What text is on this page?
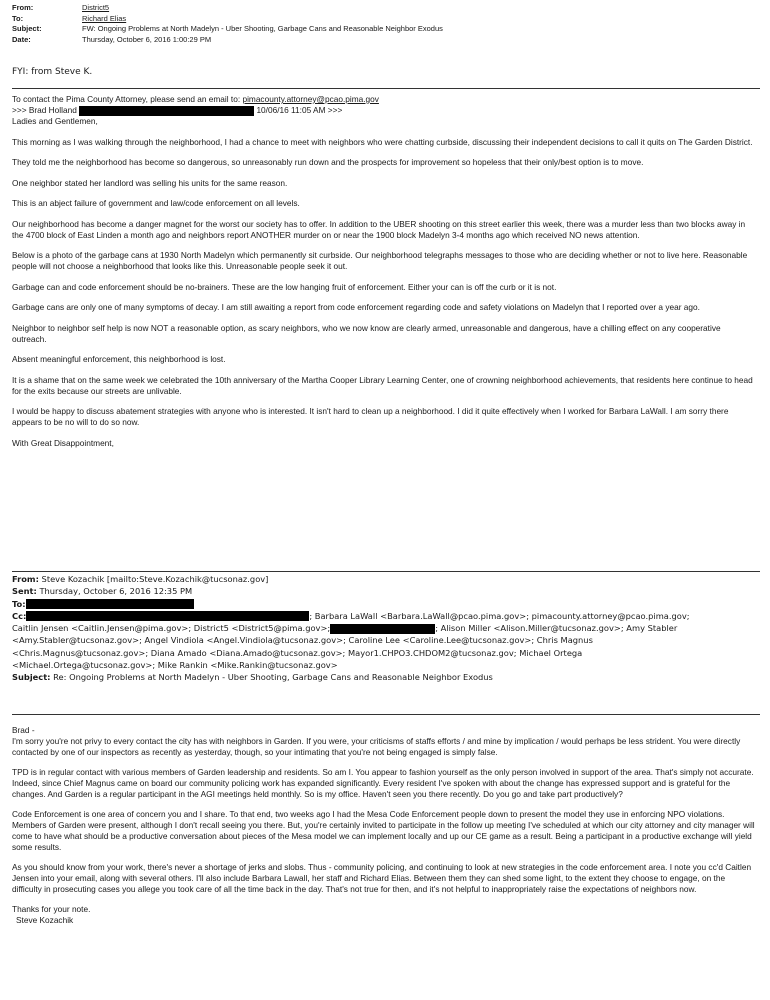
From:	District5
To:	Richard Elias
Subject:	FW: Ongoing Problems at North Madelyn - Uber Shooting, Garbage Cans and Reasonable Neighbor Exodus
Date:	Thursday, October 6, 2016 1:00:29 PM
FYI: from Steve K.
To contact the Pima County Attorney, please send an email to: pimacounty.attorney@pcao.pima.gov
>>> Brad Holland	10/06/16 11:05 AM >>>

Ladies and Gentlemen,

This morning as I was walking through the neighborhood, I had a chance to meet with neighbors who were chatting curbside, discussing their independent decisions to call it quits on The Garden District.

They told me the neighborhood has become so dangerous, so unreasonably run down and the prospects for improvement so hopeless that their only/best option is to move.

One neighbor stated her landlord was selling his units for the same reason.

This is an abject failure of government and law/code enforcement on all levels.

Our neighborhood has become a danger magnet for the worst our society has to offer. In addition to the UBER shooting on this street earlier this week, there was a murder less than two blocks away in the 4700 block of East Linden a month ago and neighbors report ANOTHER murder on or near the 1900 block Madelyn 3-4 months ago which received NO news attention.

Below is a photo of the garbage cans at 1930 North Madelyn which permanently sit curbside. Our neighborhood telegraphs messages to those who are deciding whether or not to live here. Reasonable people will not choose a neighborhood that looks like this. Unreasonable people seek it out.

Garbage can and code enforcement should be no-brainers. These are the low hanging fruit of enforcement. Either your can is off the curb or it is not.

Garbage cans are only one of many symptoms of decay. I am still awaiting a report from code enforcement regarding code and safety violations on Madelyn that I reported over a year ago.

Neighbor to neighbor self help is now NOT a reasonable option, as scary neighbors, who we now know are clearly armed, unreasonable and dangerous, have a chilling effect on any cooperative outreach.

Absent meaningful enforcement, this neighborhood is lost.

It is a shame that on the same week we celebrated the 10th anniversary of the Martha Cooper Library Learning Center, one of crowning neighborhood achievements, that residents here continue to head for the exits because our streets are unlivable.

I would be happy to discuss abatement strategies with anyone who is interested. It isn't hard to clean up a neighborhood. I did it quite effectively when I worked for Barbara LaWall. I am sorry there appears to be no will to do so now.

With Great Disappointment,

From: Steve Kozachik [mailto:Steve.Kozachik@tucsonaz.gov]
Sent: Thursday, October 6, 2016 12:35 PM
To:
Cc:	; Barbara LaWall <Barbara.LaWall@pcao.pima.gov>; pimacounty.attorney@pcao.pima.gov;
Caitlin Jensen <Caitlin.Jensen@pima.gov>; District5 <District5@pima.gov>;	; Alison Miller <Alison.Miller@tucsonaz.gov>; Amy Stabler
<Amy.Stabler@tucsonaz.gov>; Angel Vindiola <Angel.Vindiola@tucsonaz.gov>; Caroline Lee <Caroline.Lee@tucsonaz.gov>; Chris Magnus
<Chris.Magnus@tucsonaz.gov>; Diana Amado <Diana.Amado@tucsonaz.gov>; Mayor1.CHPO3.CHDOM2@tucsonaz.gov; Michael Ortega
<Michael.Ortega@tucsonaz.gov>; Mike Rankin <Mike.Rankin@tucsonaz.gov>
Subject: Re: Ongoing Problems at North Madelyn - Uber Shooting, Garbage Cans and Reasonable Neighbor Exodus
Brad -

I'm sorry you're not privy to every contact the city has with neighbors in Garden. If you were, your criticisms of staffs efforts / and mine by implication / would perhaps be less strident. You were directly contacted by one of our inspectors as recently as yesterday, though, so your intimating that you're not being engaged is simply false.

TPD is in regular contact with various members of Garden leadership and residents. So am I. You appear to fashion yourself as the only person involved in support of the area. That's simply not accurate. Indeed, since Chief Magnus came on board our community policing work has expanded significantly. Every resident I've spoken with about the change has expressed support and is grateful for the changes. And Garden is a regular participant in the AGI meetings held monthly. So is my office. Haven't seen you there recently. Do you go and take part productively?

Code Enforcement is one area of concern you and I share. To that end, two weeks ago I had the Mesa Code Enforcement people down to present the model they use in enforcing NPO violations. Members of Garden were present, although I don't recall seeing you there. But, you're certainly invited to participate in the follow up meeting I've scheduled at which our city attorney and city manager will come to have what should be a productive conversation about pieces of the Mesa model we can implement locally and up our CE game as a result. Being a participant in a productive exchange will yield some results.

As you should know from your work, there's never a shortage of jerks and slobs. Thus - community policing, and continuing to look at new strategies in the code enforcement area. I note you cc'd Caitlen Jensen into your email, along with several others. I'll also include Barbara Lawall, her staff and Richard Elias. Between them they can shed some light, to the extent they choose to engage, on the difficulty in prosecuting cases you allege you took care of all the time back in the day. That's not true for then, and it's not helpful to inappropriately raise the expectations of neighbors now.

Thanks for your note.
Steve Kozachik
